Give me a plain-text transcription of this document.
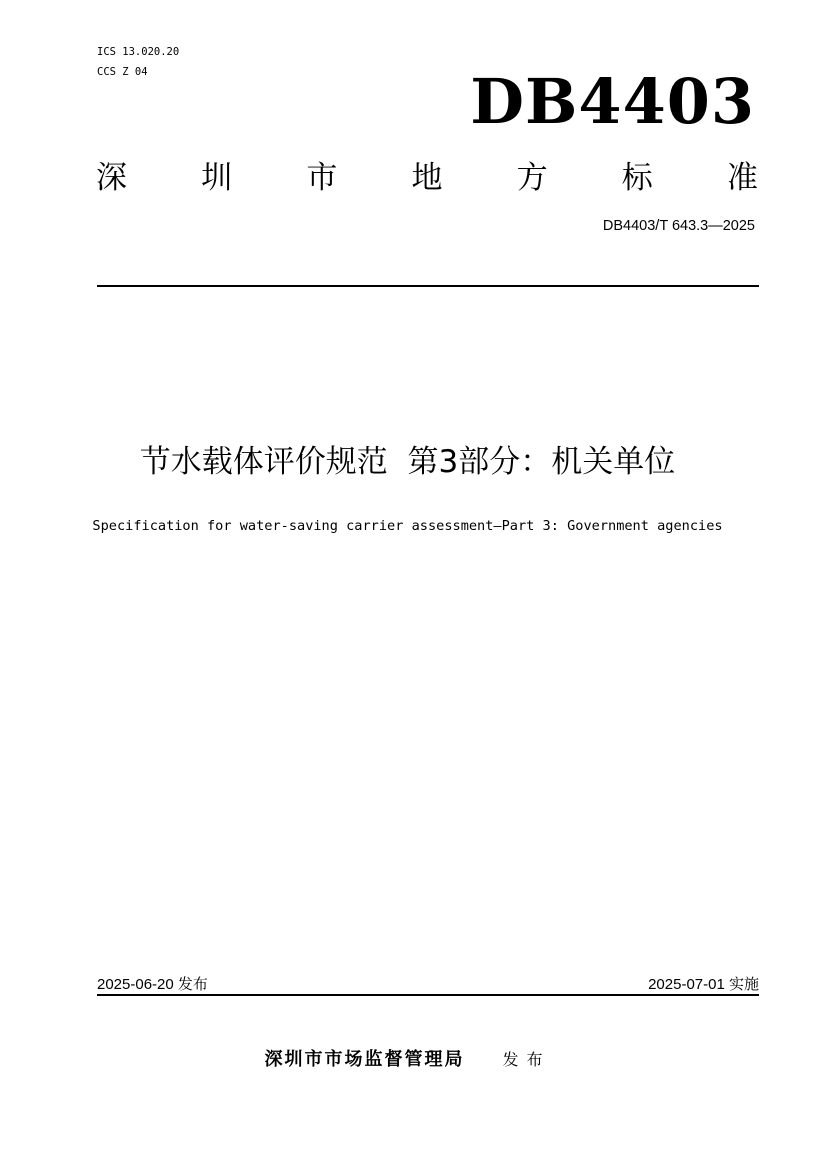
ICS 13.020.20
CCS Z 04	DB4403
深 圳 市 地 方 标 准
DB4403/T 643.3—2025
节水载体评价规范  第3部分：机关单位
Specification for water-saving carrier assessment—Part 3: Government agencies
2025-06-20 发布	2025-07-01 实施
深圳市市场监督管理局 发布
